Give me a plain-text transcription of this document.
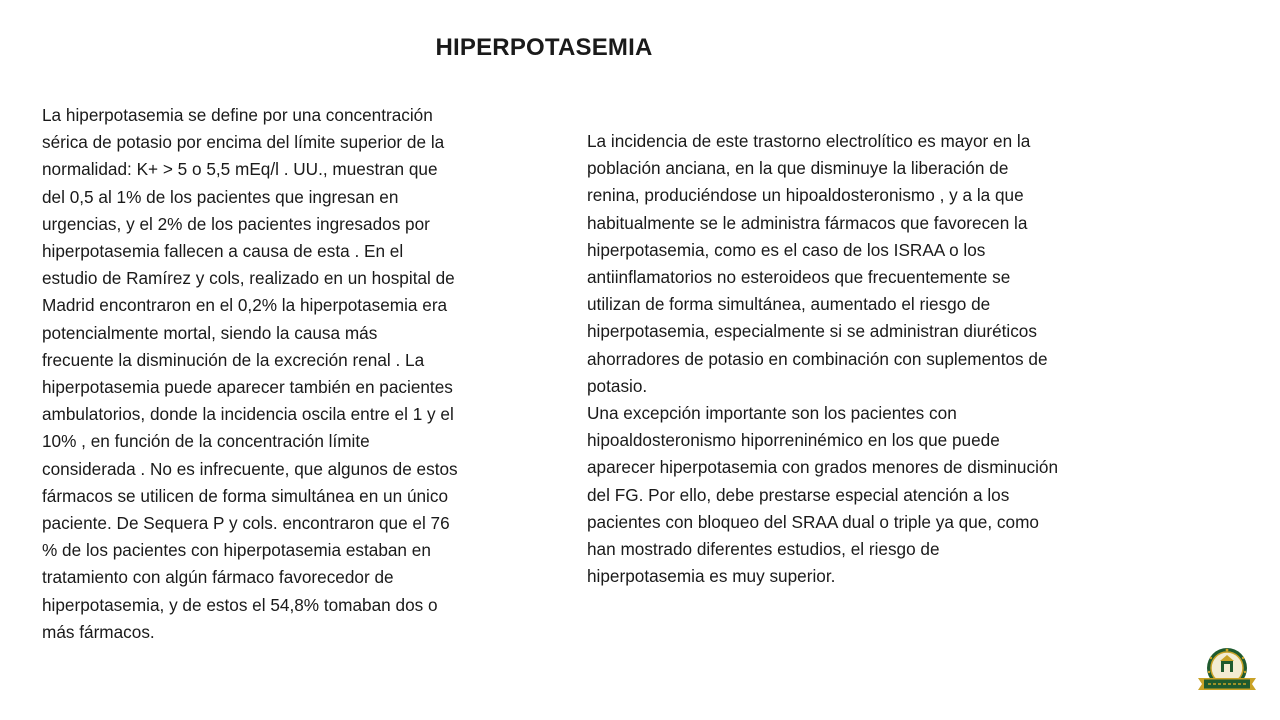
HIPERPOTASEMIA

La hiperpotasemia se define por una concentración
sérica de potasio por encima del límite superior de la
normalidad: K+ > 5 o 5,5 mEq/l . UU., muestran que
del 0,5 al 1% de los pacientes que ingresan en
urgencias, y el 2% de los pacientes ingresados por
hiperpotasemia fallecen a causa de esta . En el
estudio de Ramírez y cols, realizado en un hospital de
Madrid encontraron en el 0,2% la hiperpotasemia era
potencialmente mortal, siendo la causa más
frecuente la disminución de la excreción renal . La
hiperpotasemia puede aparecer también en pacientes
ambulatorios, donde la incidencia oscila entre el 1 y el
10% , en función de la concentración límite
considerada . No es infrecuente, que algunos de estos
fármacos se utilicen de forma simultánea en un único
paciente. De Sequera P y cols. encontraron que el 76
% de los pacientes con hiperpotasemia estaban en
tratamiento con algún fármaco favorecedor de
hiperpotasemia, y de estos el 54,8% tomaban dos o
más fármacos.

La incidencia de este trastorno electrolítico es mayor en la
población anciana, en la que disminuye la liberación de
renina, produciéndose un hipoaldosteronismo , y a la que
habitualmente se le administra fármacos que favorecen la
hiperpotasemia, como es el caso de los ISRAA o los
antiinflamatorios no esteroideos que frecuentemente se
utilizan de forma simultánea, aumentado el riesgo de
hiperpotasemia, especialmente si se administran diuréticos
ahorradores de potasio en combinación con suplementos de
potasio.
Una excepción importante son los pacientes con
hipoaldosteronismo hiporreninémico en los que puede
aparecer hiperpotasemia con grados menores de disminución
del FG. Por ello, debe prestarse especial atención a los
pacientes con bloqueo del SRAA dual o triple ya que, como
han mostrado diferentes estudios, el riesgo de
hiperpotasemia es muy superior.
